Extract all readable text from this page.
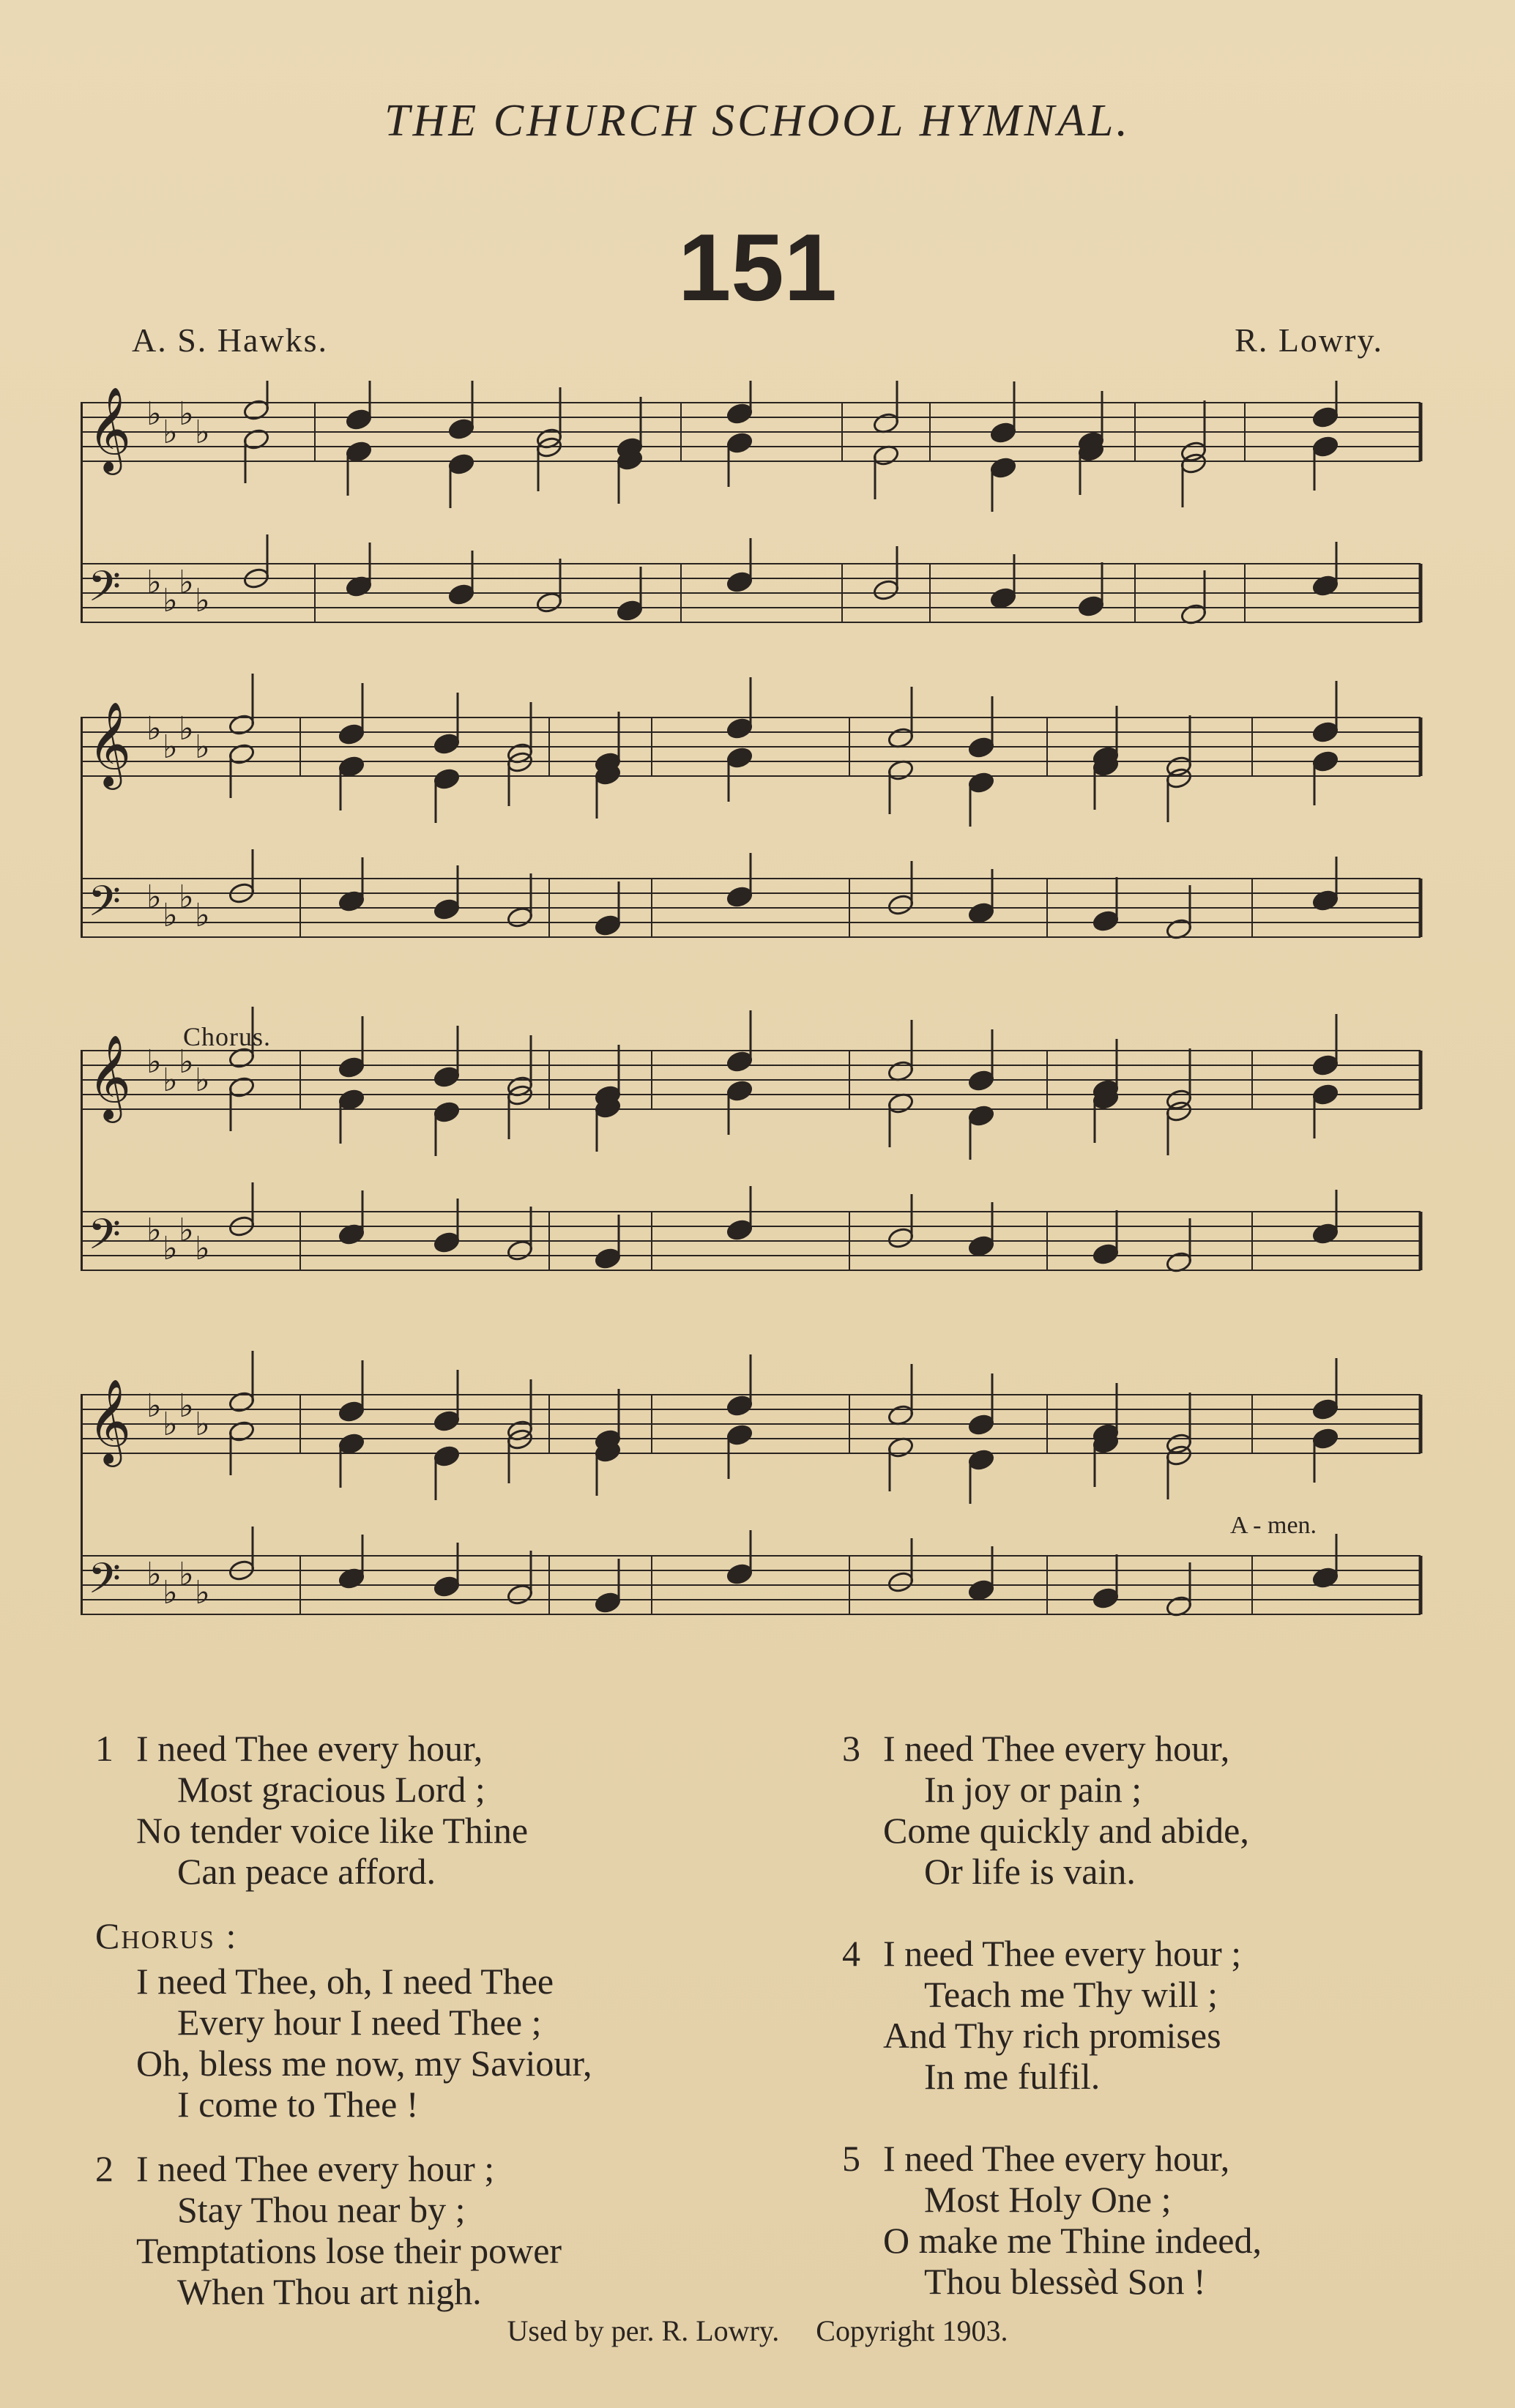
THE CHURCH SCHOOL HYMNAL.
151
A. S. Hawks.	R. Lowry.
𝄞
𝄢
♭
♭
♭
♭
♭
♭
♭
♭
𝄞
𝄢
♭
♭
♭
♭
♭
♭
♭
♭
𝄞
𝄢
♭
♭
♭
♭
♭
♭
♭
♭
𝄞
𝄢
♭
♭
♭
♭
♭
♭
♭
♭
Chorus.
A - men.
1 I need Thee every hour,
Most gracious Lord ;
No tender voice like Thine
Can peace afford.
Chorus :
I need Thee, oh, I need Thee
Every hour I need Thee ;
Oh, bless me now, my Saviour,
I come to Thee !
2 I need Thee every hour ;
Stay Thou near by ;
Temptations lose their power
When Thou art nigh.
3 I need Thee every hour,
In joy or pain ;
Come quickly and abide,
Or life is vain.
4 I need Thee every hour ;
Teach me Thy will ;
And Thy rich promises
In me fulfil.
5 I need Thee every hour,
Most Holy One ;
O make me Thine indeed,
Thou blessèd Son !
Used by per. R. Lowry. Copyright 1903.
